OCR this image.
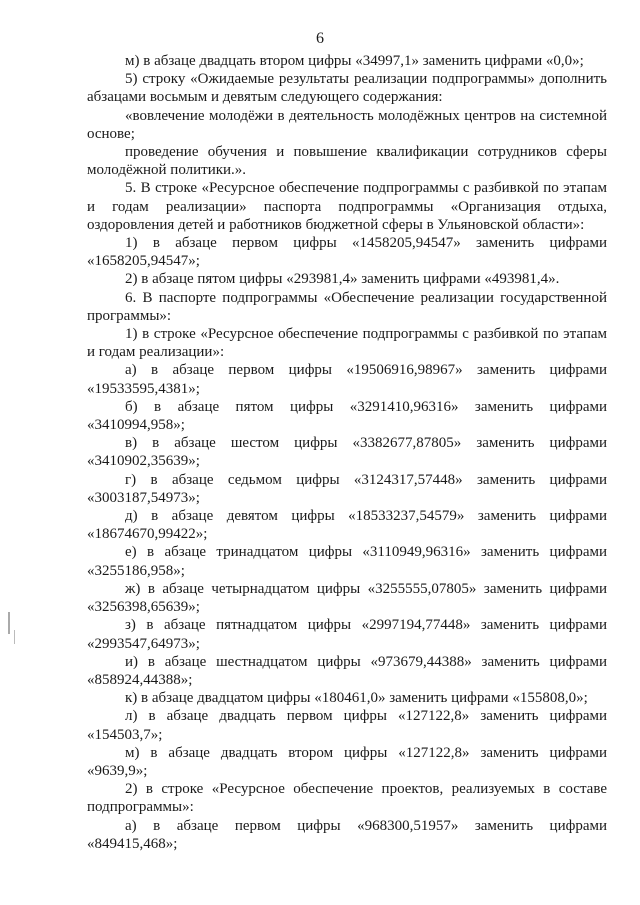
6

м) в абзаце двадцать втором цифры «34997,1» заменить цифрами «0,0»;

5) строку «Ожидаемые результаты реализации подпрограммы» дополнить

абзацами восьмым и девятым следующего содержания:

«вовлечение молодёжи в деятельность молодёжных центров на системной основе;

проведение обучения и повышение квалификации сотрудников сферы молодёжной политики.».

5. В строке «Ресурсное обеспечение подпрограммы с разбивкой по этапам и годам реализации» паспорта подпрограммы «Организация отдыха, оздоровления детей и работников бюджетной сферы в Ульяновской области»:

1) в абзаце первом цифры «1458205,94547» заменить цифрами «1658205,94547»;

2) в абзаце пятом цифры «293981,4» заменить цифрами «493981,4».

6. В паспорте подпрограммы «Обеспечение реализации государственной программы»:

1) в строке «Ресурсное обеспечение подпрограммы с разбивкой по этапам и годам реализации»:

а) в абзаце первом цифры «19506916,98967» заменить цифрами «19533595,4381»;

б) в абзаце пятом цифры «3291410,96316» заменить цифрами «3410994,958»;

в) в абзаце шестом цифры «3382677,87805» заменить цифрами «3410902,35639»;

г) в абзаце седьмом цифры «3124317,57448» заменить цифрами «3003187,54973»;

д) в абзаце девятом цифры «18533237,54579» заменить цифрами «18674670,99422»;

е) в абзаце тринадцатом цифры «3110949,96316» заменить цифрами «3255186,958»;

ж) в абзаце четырнадцатом цифры «3255555,07805» заменить цифрами «3256398,65639»;

з) в абзаце пятнадцатом цифры «2997194,77448» заменить цифрами «2993547,64973»;

и) в абзаце шестнадцатом цифры «973679,44388» заменить цифрами «858924,44388»;

к) в абзаце двадцатом цифры «180461,0» заменить цифрами «155808,0»;

л) в абзаце двадцать первом цифры «127122,8» заменить цифрами «154503,7»;

м) в абзаце двадцать втором цифры «127122,8» заменить цифрами «9639,9»;

2) в строке «Ресурсное обеспечение проектов, реализуемых в составе подпрограммы»:

а) в абзаце первом цифры «968300,51957» заменить цифрами «849415,468»;
